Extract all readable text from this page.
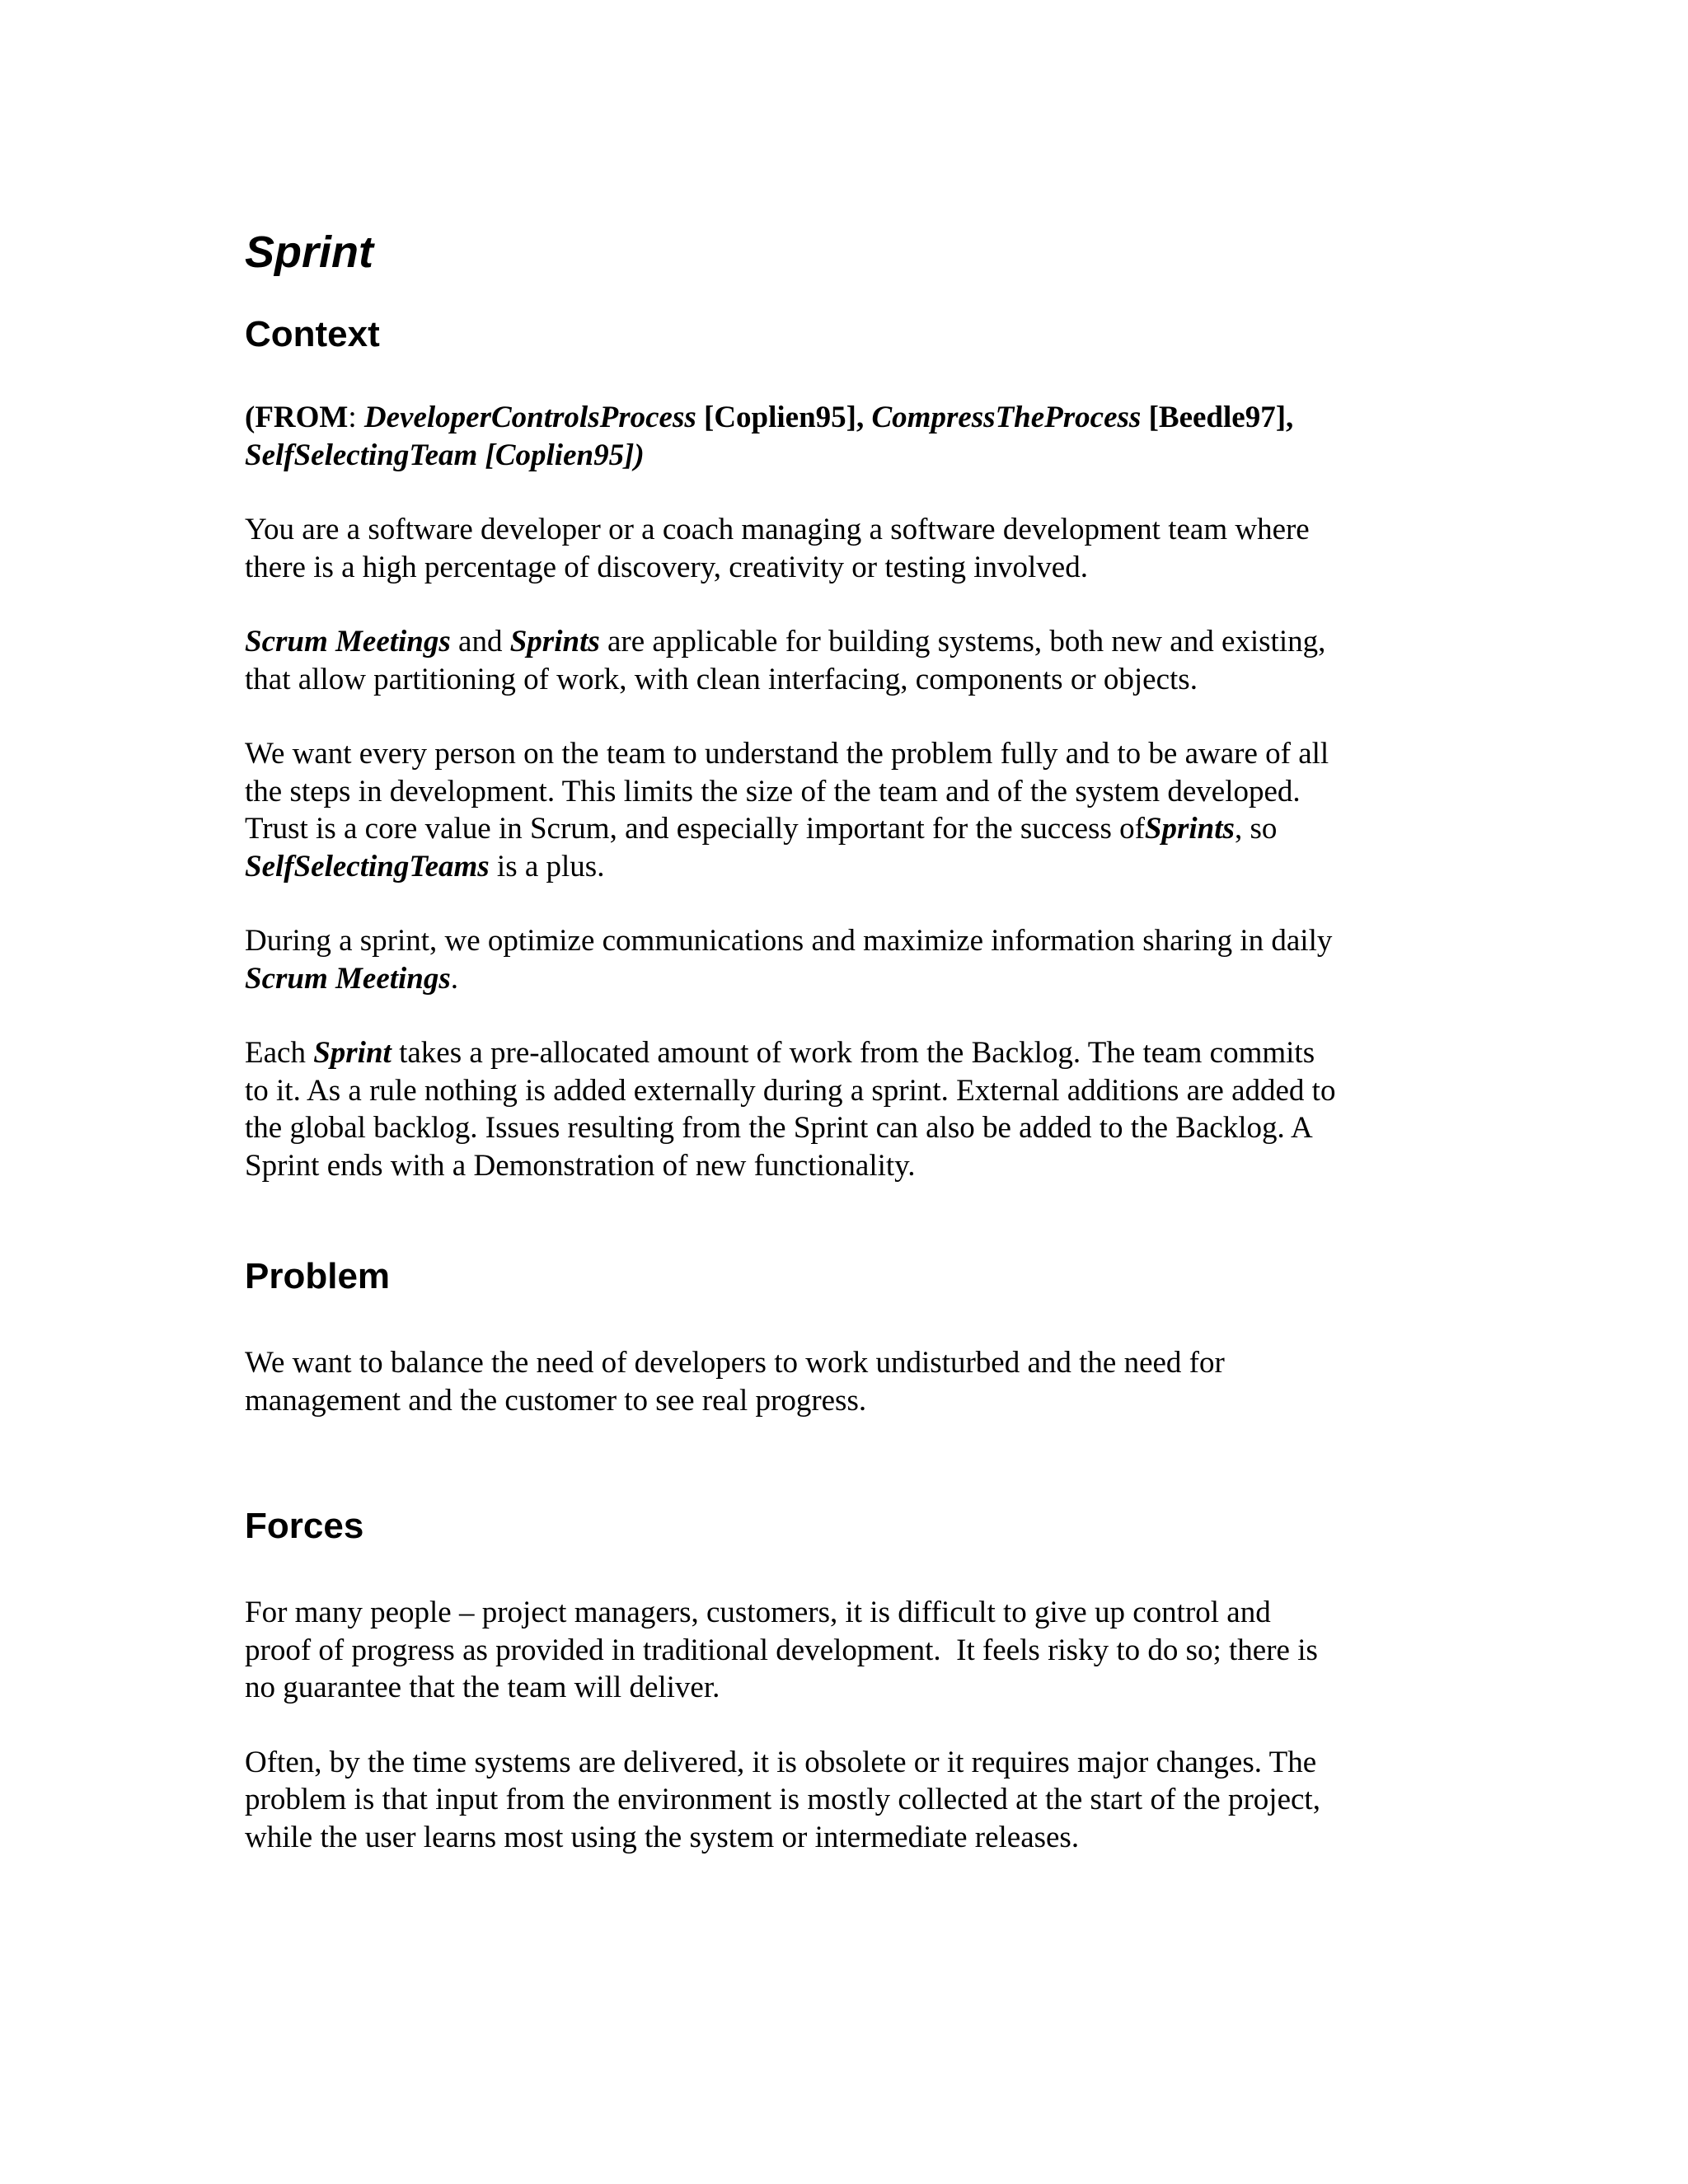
Sprint
Context
(FROM: DeveloperControlsProcess [Coplien95], CompressTheProcess [Beedle97],
SelfSelectingTeam [Coplien95])
You are a software developer or a coach managing a software development team where
there is a high percentage of discovery, creativity or testing involved.
Scrum Meetings and Sprints are applicable for building systems, both new and existing,
that allow partitioning of work, with clean interfacing, components or objects.
We want every person on the team to understand the problem fully and to be aware of all
the steps in development. This limits the size of the team and of the system developed.
Trust is a core value in Scrum, and especially important for the success ofSprints, so
SelfSelectingTeams is a plus.
During a sprint, we optimize communications and maximize information sharing in daily
Scrum Meetings.
Each Sprint takes a pre-allocated amount of work from the Backlog. The team commits
to it. As a rule nothing is added externally during a sprint. External additions are added to
the global backlog. Issues resulting from the Sprint can also be added to the Backlog. A
Sprint ends with a Demonstration of new functionality.
Problem
We want to balance the need of developers to work undisturbed and the need for
management and the customer to see real progress.
Forces
For many people – project managers, customers, it is difficult to give up control and
proof of progress as provided in traditional development.  It feels risky to do so; there is
no guarantee that the team will deliver.
Often, by the time systems are delivered, it is obsolete or it requires major changes. The
problem is that input from the environment is mostly collected at the start of the project,
while the user learns most using the system or intermediate releases.
